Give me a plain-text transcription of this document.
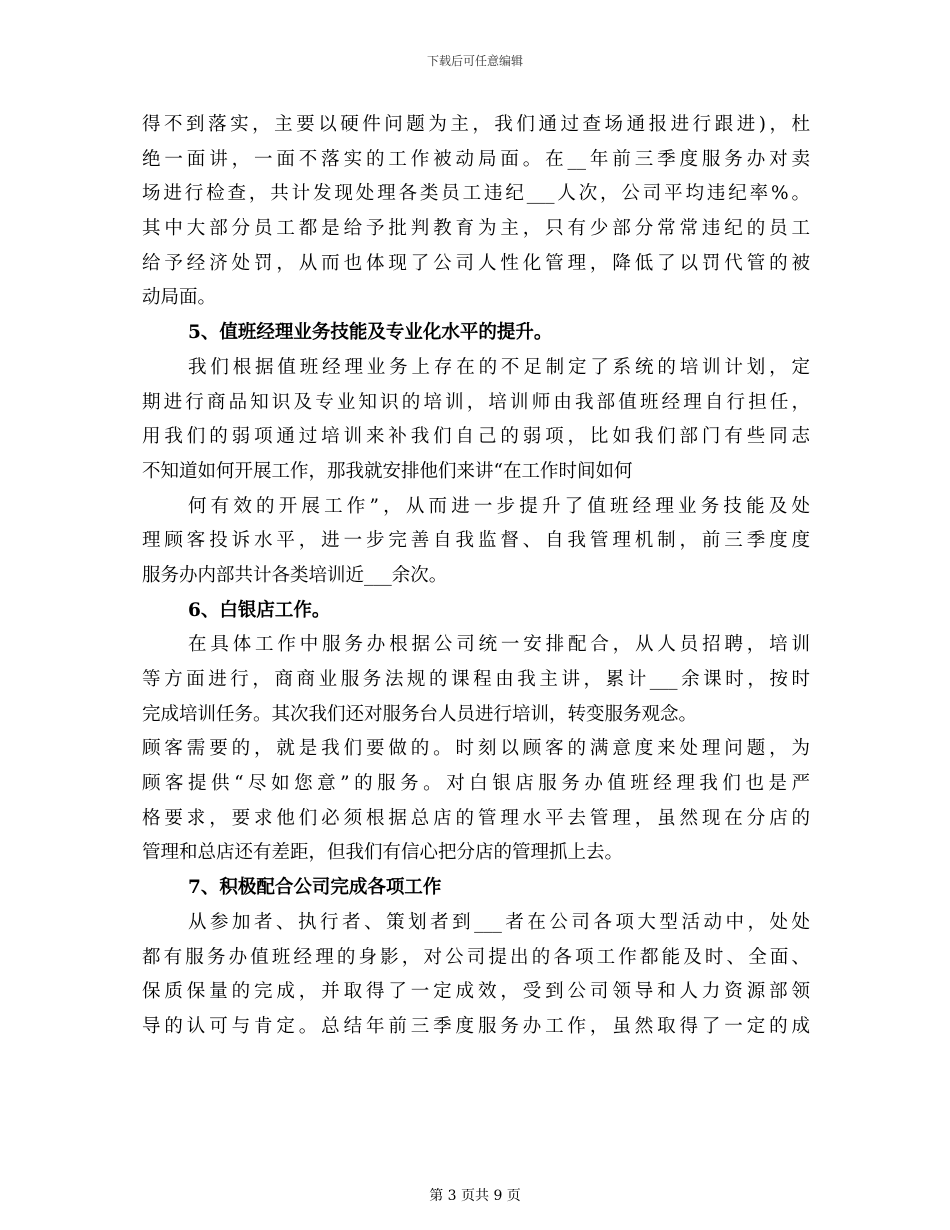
下载后可任意编辑
得不到落实，主要以硬件问题为主，我们通过查场通报进行跟进)，杜
绝一面讲，一面不落实的工作被动局面。在__年前三季度服务办对卖
场进行检查，共计发现处理各类员工违纪___人次，公司平均违纪率%。
其中大部分员工都是给予批判教育为主，只有少部分常常违纪的员工
给予经济处罚，从而也体现了公司人性化管理，降低了以罚代管的被
动局面。
5、值班经理业务技能及专业化水平的提升。
我们根据值班经理业务上存在的不足制定了系统的培训计划，定
期进行商品知识及专业知识的培训，培训师由我部值班经理自行担任，
用我们的弱项通过培训来补我们自己的弱项，比如我们部门有些同志
不知道如何开展工作，那我就安排他们来讲“在工作时间如何
何有效的开展工作”，从而进一步提升了值班经理业务技能及处
理顾客投诉水平，进一步完善自我监督、自我管理机制，前三季度度
服务办内部共计各类培训近___余次。
6、白银店工作。
在具体工作中服务办根据公司统一安排配合，从人员招聘，培训
等方面进行，商商业服务法规的课程由我主讲，累计___余课时，按时
完成培训任务。其次我们还对服务台人员进行培训，转变服务观念。
顾客需要的，就是我们要做的。时刻以顾客的满意度来处理问题，为
顾客提供“尽如您意”的服务。对白银店服务办值班经理我们也是严
格要求，要求他们必须根据总店的管理水平去管理，虽然现在分店的
管理和总店还有差距，但我们有信心把分店的管理抓上去。
7、积极配合公司完成各项工作
从参加者、执行者、策划者到___者在公司各项大型活动中，处处
都有服务办值班经理的身影，对公司提出的各项工作都能及时、全面、
保质保量的完成，并取得了一定成效，受到公司领导和人力资源部领
导的认可与肯定。总结年前三季度服务办工作，虽然取得了一定的成
第 3 页共 9 页
